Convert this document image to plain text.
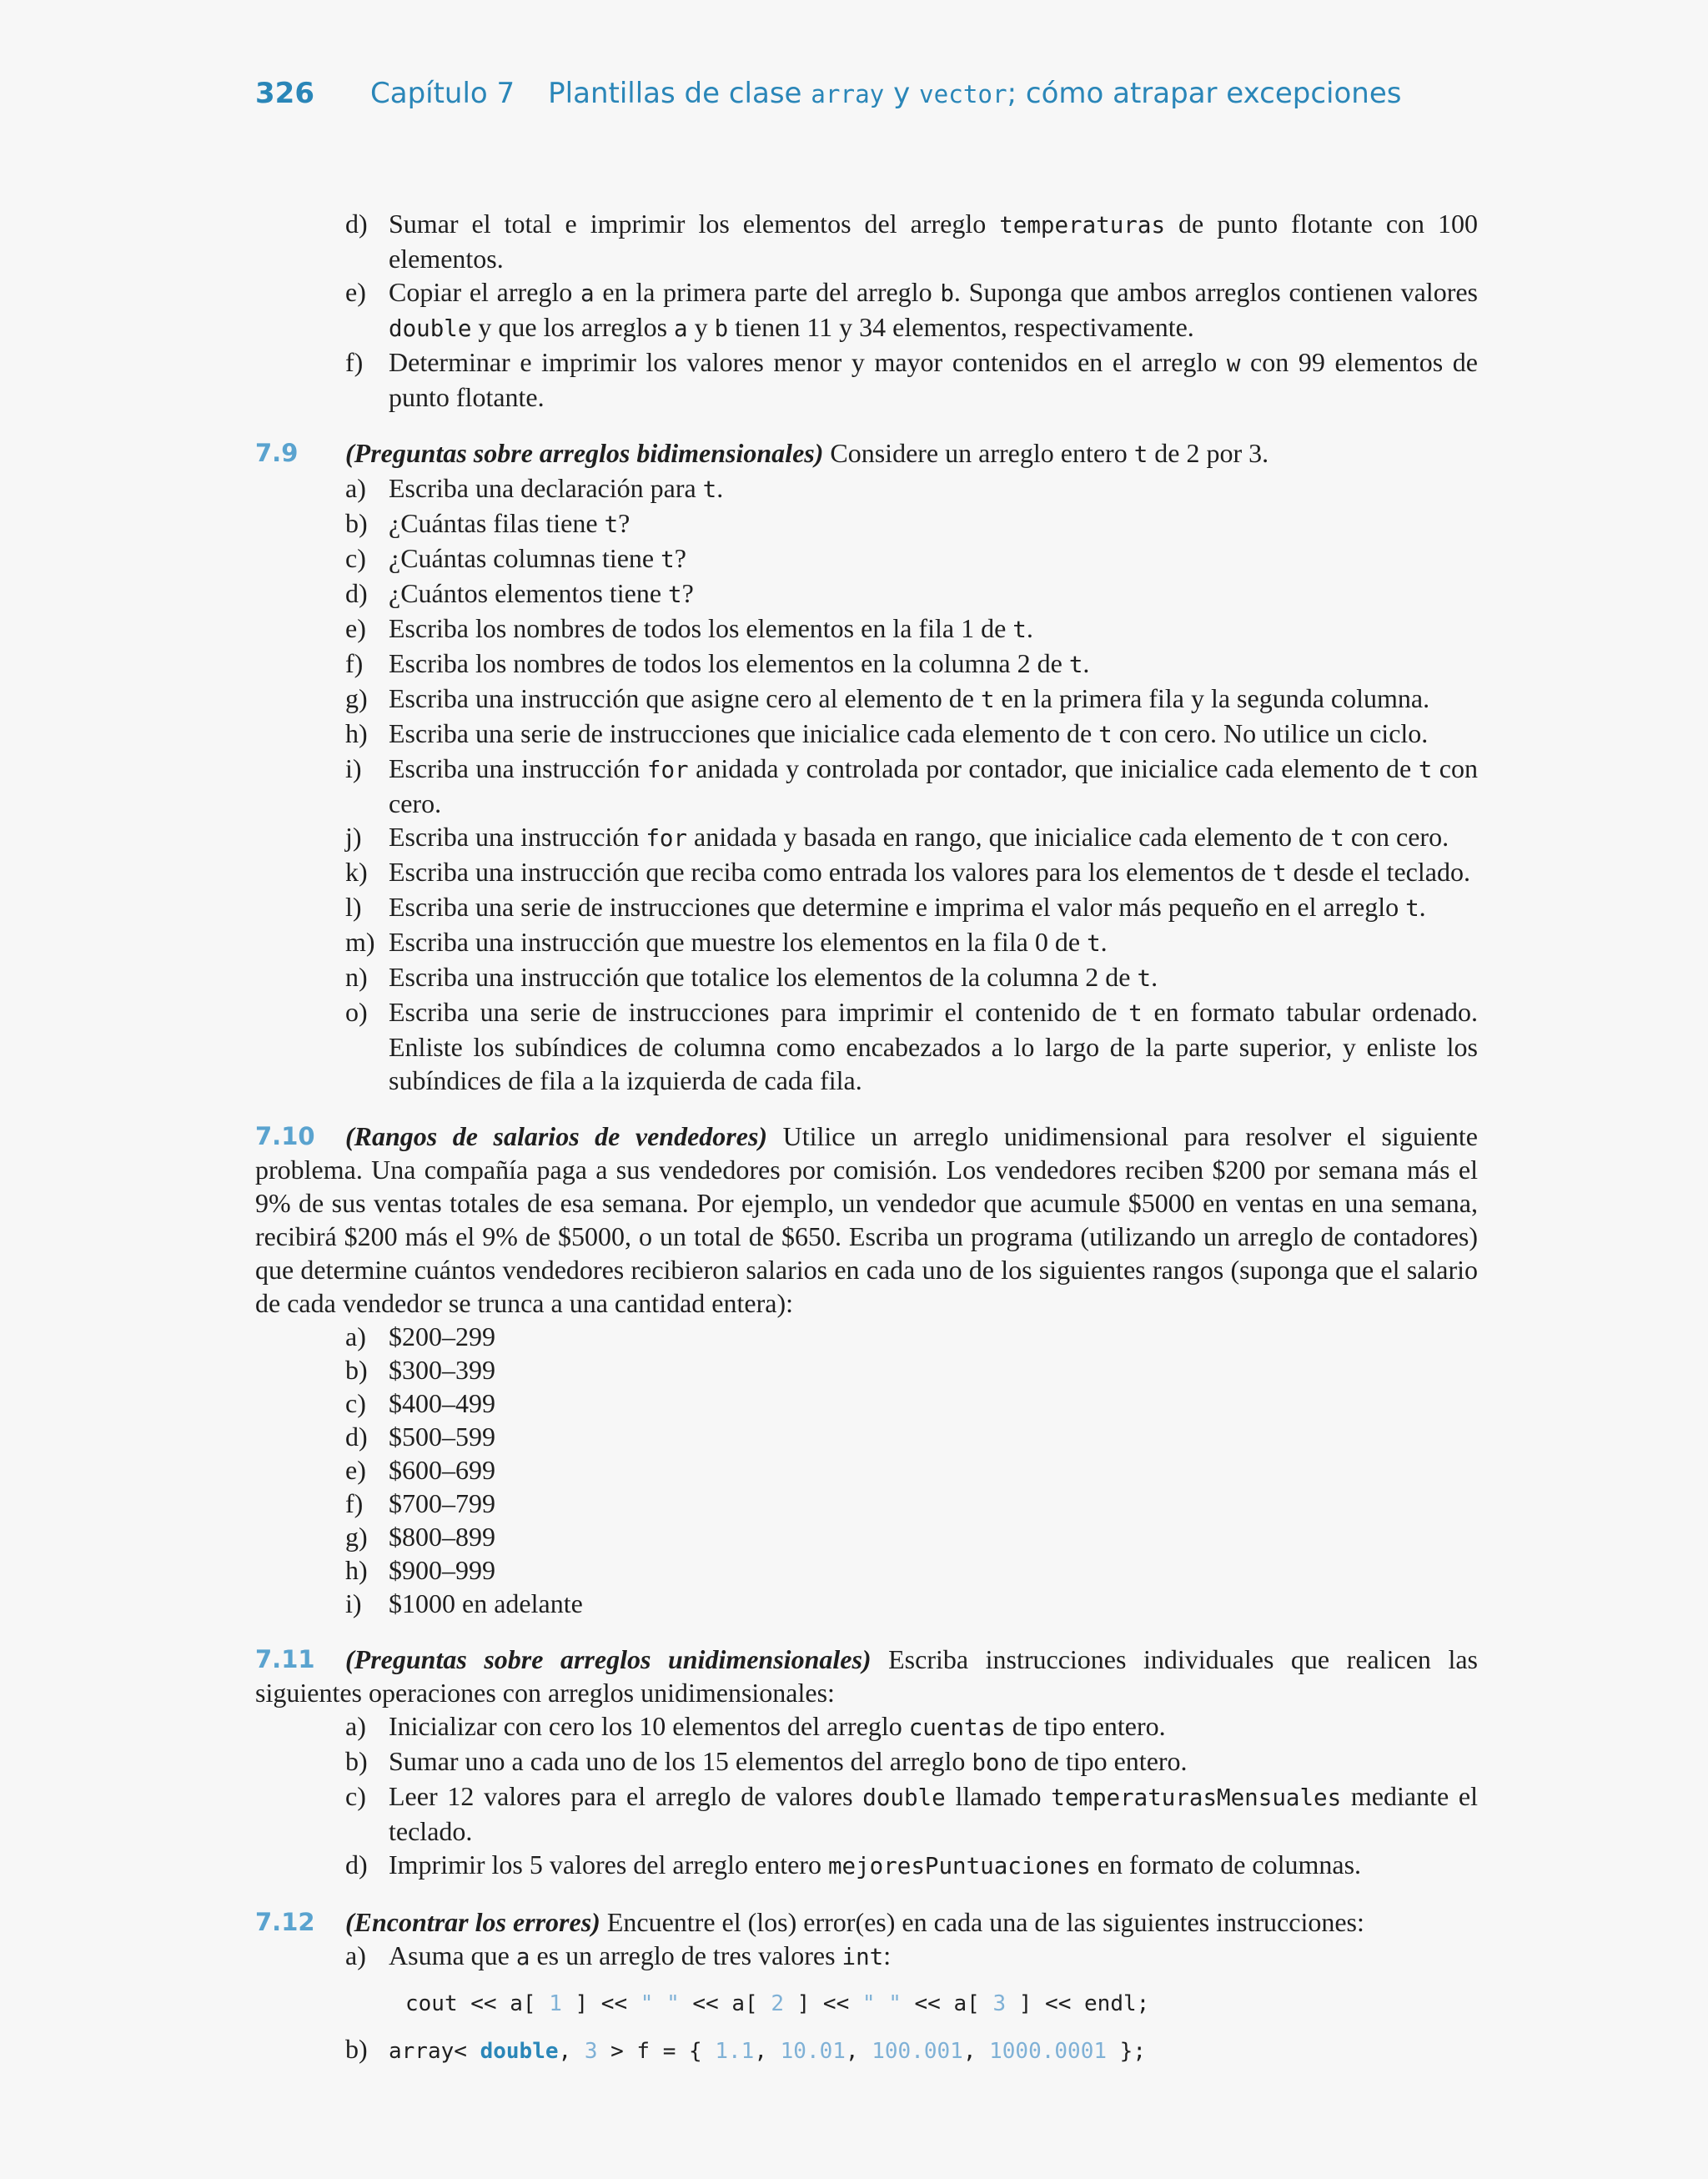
326	Capítulo 7 Plantillas de clase array y vector; cómo atrapar excepciones
d) Sumar el total e imprimir los elementos del arreglo temperaturas de punto flotante con 100 elementos.
e) Copiar el arreglo a en la primera parte del arreglo b. Suponga que ambos arreglos contienen valores double y que los arreglos a y b tienen 11 y 34 elementos, respectivamente.
f) Determinar e imprimir los valores menor y mayor contenidos en el arreglo w con 99 elementos de punto flotante.
7.9	(Preguntas sobre arreglos bidimensionales) Considere un arreglo entero t de 2 por 3.
a) Escriba una declaración para t.
b) ¿Cuántas filas tiene t?
c) ¿Cuántas columnas tiene t?
d) ¿Cuántos elementos tiene t?
e) Escriba los nombres de todos los elementos en la fila 1 de t.
f) Escriba los nombres de todos los elementos en la columna 2 de t.
g) Escriba una instrucción que asigne cero al elemento de t en la primera fila y la segunda columna.
h) Escriba una serie de instrucciones que inicialice cada elemento de t con cero. No utilice un ciclo.
i)	Escriba una instrucción for anidada y controlada por contador, que inicialice cada elemento de t con cero.
j)	Escriba una instrucción for anidada y basada en rango, que inicialice cada elemento de t con cero.
k) Escriba una instrucción que reciba como entrada los valores para los elementos de t desde el teclado.
l)	Escriba una serie de instrucciones que determine e imprima el valor más pequeño en el arreglo t.
m) Escriba una instrucción que muestre los elementos en la fila 0 de t.
n) Escriba una instrucción que totalice los elementos de la columna 2 de t.
o) Escriba una serie de instrucciones para imprimir el contenido de t en formato tabular ordenado. Enliste los subíndices de columna como encabezados a lo largo de la parte superior, y enliste los subíndices de fila a la izquierda de cada fila.
7.10	(Rangos de salarios de vendedores) Utilice un arreglo unidimensional para resolver el siguiente problema. Una compañía paga a sus vendedores por comisión. Los vendedores reciben $200 por semana más el 9% de sus ventas totales de esa semana. Por ejemplo, un vendedor que acumule $5000 en ventas en una semana, recibirá $200 más el 9% de $5000, o un total de $650. Escriba un programa (utilizando un arreglo de contadores) que determine cuántos vendedores recibieron salarios en cada uno de los siguientes rangos (suponga que el salario de cada vendedor se trunca a una cantidad entera):
a) $200–299
b) $300–399
c) $400–499
d) $500–599
e) $600–699
f) $700–799
g) $800–899
h) $900–999
i)	$1000 en adelante
7.11	(Preguntas sobre arreglos unidimensionales) Escriba instrucciones individuales que realicen las siguientes operaciones con arreglos unidimensionales:
a) Inicializar con cero los 10 elementos del arreglo cuentas de tipo entero.
b) Sumar uno a cada uno de los 15 elementos del arreglo bono de tipo entero.
c) Leer 12 valores para el arreglo de valores double llamado temperaturasMensuales mediante el teclado.
d) Imprimir los 5 valores del arreglo entero mejoresPuntuaciones en formato de columnas.
7.12	(Encontrar los errores) Encuentre el (los) error(es) en cada una de las siguientes instrucciones:
a) Asuma que a es un arreglo de tres valores int:
cout << a[ 1 ] << " " << a[ 2 ] << " " << a[ 3 ] << endl;
b) array< double, 3 > f = { 1.1, 10.01, 100.001, 1000.0001 };
